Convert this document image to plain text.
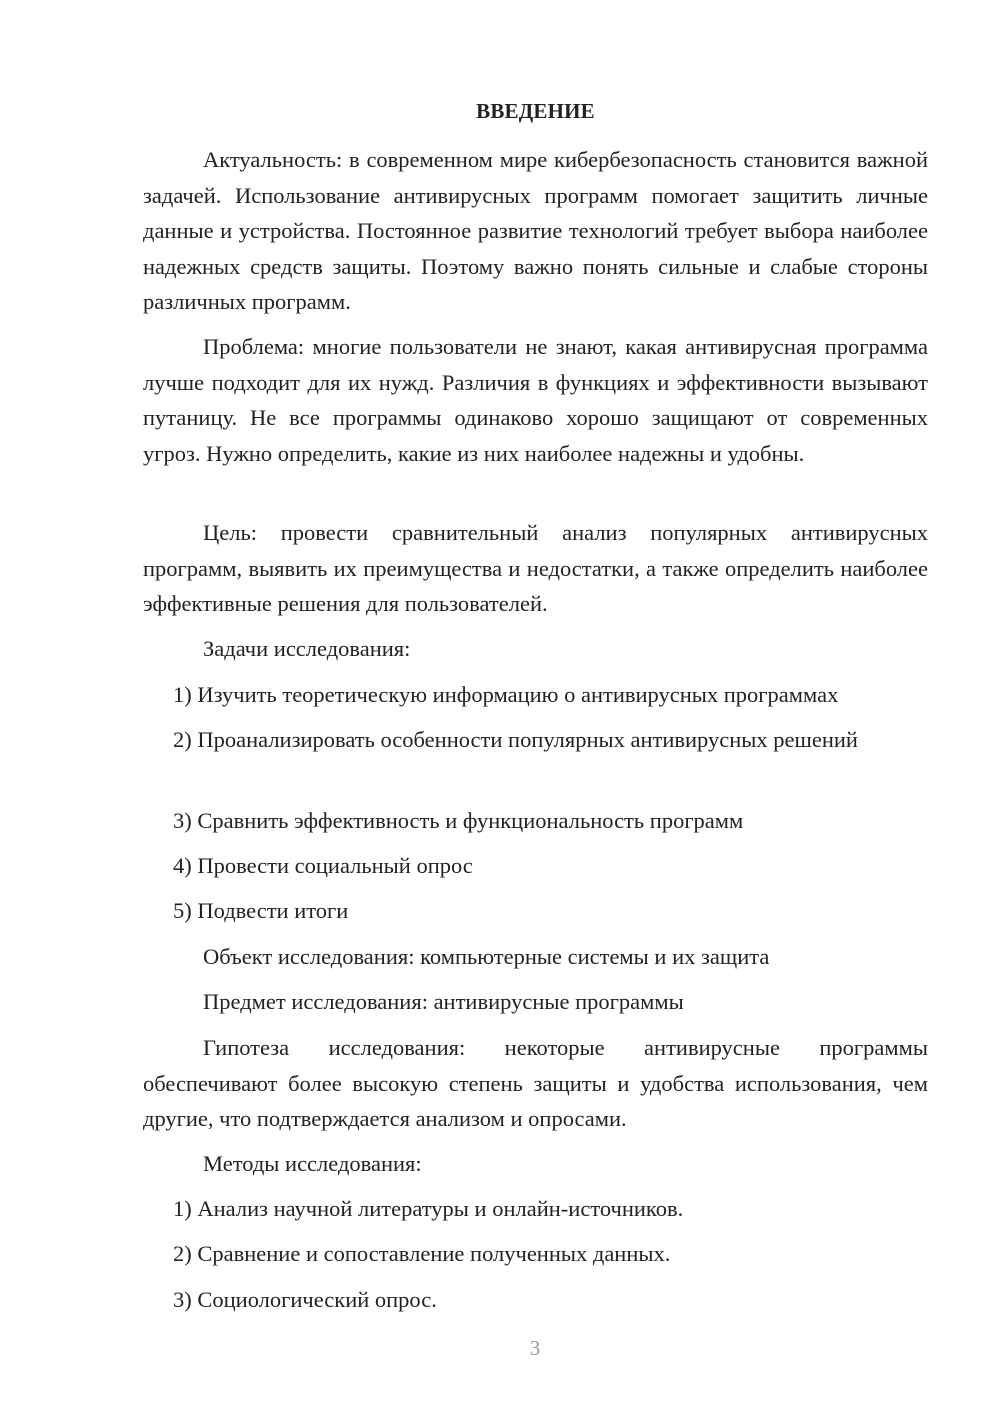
ВВЕДЕНИЕ

Актуальность: в современном мире кибербезопасность становится важной задачей. Использование антивирусных программ помогает защитить личные данные и устройства. Постоянное развитие технологий требует выбора наиболее надежных средств защиты. Поэтому важно понять сильные и слабые стороны различных программ.

Проблема: многие пользователи не знают, какая антивирусная программа лучше подходит для их нужд. Различия в функциях и эффективности вызывают путаницу. Не все программы одинаково хорошо защищают от современных угроз. Нужно определить, какие из них наиболее надежны и удобны.

Цель: провести сравнительный анализ популярных антивирусных программ, выявить их преимущества и недостатки, а также определить наиболее эффективные решения для пользователей.

Задачи исследования:

1) Изучить теоретическую информацию о антивирусных программах

2) Проанализировать особенности популярных антивирусных решений

3) Сравнить эффективность и функциональность программ

4) Провести социальный опрос

5) Подвести итоги

Объект исследования: компьютерные системы и их защита

Предмет исследования: антивирусные программы

Гипотеза исследования: некоторые антивирусные программы обеспечивают более высокую степень защиты и удобства использования, чем другие, что подтверждается анализом и опросами.

Методы исследования:

1) Анализ научной литературы и онлайн-источников.

2) Сравнение и сопоставление полученных данных.

3) Социологический опрос.

3
